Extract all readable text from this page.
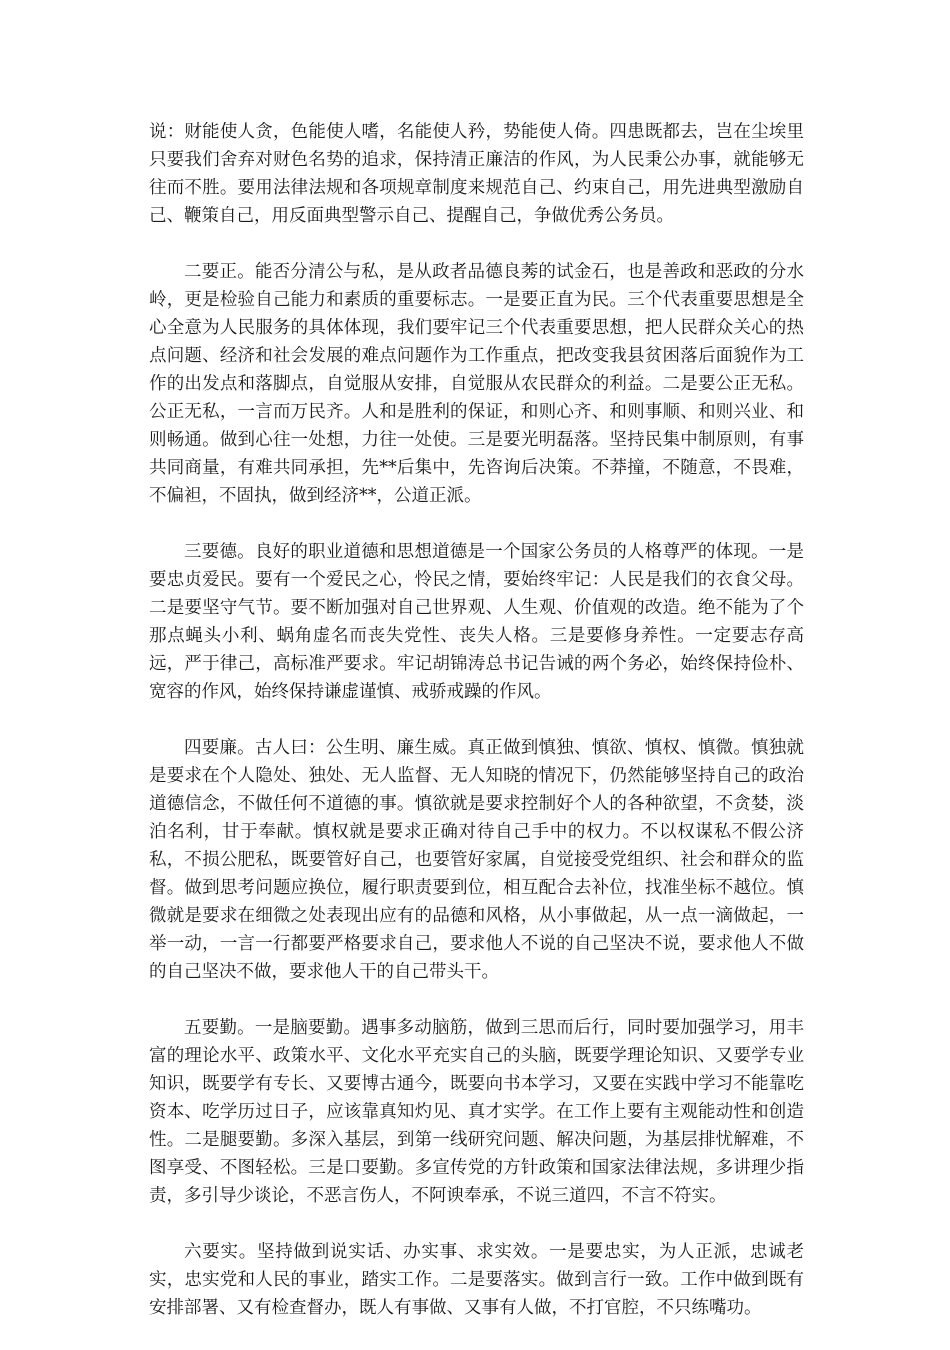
说：财能使人贪，色能使人嗜，名能使人矜，势能使人倚。四患既都去，岂在尘埃里只要我们舍弃对财色名势的追求，保持清正廉洁的作风，为人民秉公办事，就能够无往而不胜。要用法律法规和各项规章制度来规范自己、约束自己，用先进典型激励自己、鞭策自己，用反面典型警示自己、提醒自己，争做优秀公务员。

二要正。能否分清公与私，是从政者品德良莠的试金石，也是善政和恶政的分水岭，更是检验自己能力和素质的重要标志。一是要正直为民。三个代表重要思想是全心全意为人民服务的具体体现，我们要牢记三个代表重要思想，把人民群众关心的热点问题、经济和社会发展的难点问题作为工作重点，把改变我县贫困落后面貌作为工作的出发点和落脚点，自觉服从安排，自觉服从农民群众的利益。二是要公正无私。公正无私，一言而万民齐。人和是胜利的保证，和则心齐、和则事顺、和则兴业、和则畅通。做到心往一处想，力往一处使。三是要光明磊落。坚持民集中制原则，有事共同商量，有难共同承担，先**后集中，先咨询后决策。不莽撞，不随意，不畏难，不偏袒，不固执，做到经济**，公道正派。

三要德。良好的职业道德和思想道德是一个国家公务员的人格尊严的体现。一是要忠贞爱民。要有一个爱民之心，怜民之情，要始终牢记：人民是我们的衣食父母。二是要坚守气节。要不断加强对自己世界观、人生观、价值观的改造。绝不能为了个那点蝇头小利、蜗角虚名而丧失党性、丧失人格。三是要修身养性。一定要志存高远，严于律己，高标准严要求。牢记胡锦涛总书记告诫的两个务必，始终保持俭朴、宽容的作风，始终保持谦虚谨慎、戒骄戒躁的作风。

四要廉。古人曰：公生明、廉生威。真正做到慎独、慎欲、慎权、慎微。慎独就是要求在个人隐处、独处、无人监督、无人知晓的情况下，仍然能够坚持自己的政治道德信念，不做任何不道德的事。慎欲就是要求控制好个人的各种欲望，不贪婪，淡泊名利，甘于奉献。慎权就是要求正确对待自己手中的权力。不以权谋私不假公济私，不损公肥私，既要管好自己，也要管好家属，自觉接受党组织、社会和群众的监督。做到思考问题应换位，履行职责要到位，相互配合去补位，找准坐标不越位。慎微就是要求在细微之处表现出应有的品德和风格，从小事做起，从一点一滴做起，一举一动，一言一行都要严格要求自己，要求他人不说的自己坚决不说，要求他人不做的自己坚决不做，要求他人干的自己带头干。

五要勤。一是脑要勤。遇事多动脑筋，做到三思而后行，同时要加强学习，用丰富的理论水平、政策水平、文化水平充实自己的头脑，既要学理论知识、又要学专业知识，既要学有专长、又要博古通今，既要向书本学习，又要在实践中学习不能靠吃资本、吃学历过日子，应该靠真知灼见、真才实学。在工作上要有主观能动性和创造性。二是腿要勤。多深入基层，到第一线研究问题、解决问题，为基层排忧解难，不图享受、不图轻松。三是口要勤。多宣传党的方针政策和国家法律法规，多讲理少指责，多引导少谈论，不恶言伤人，不阿谀奉承，不说三道四，不言不符实。

六要实。坚持做到说实话、办实事、求实效。一是要忠实，为人正派，忠诚老实，忠实党和人民的事业，踏实工作。二是要落实。做到言行一致。工作中做到既有安排部署、又有检查督办，既人有事做、又事有人做，不打官腔，不只练嘴功。
